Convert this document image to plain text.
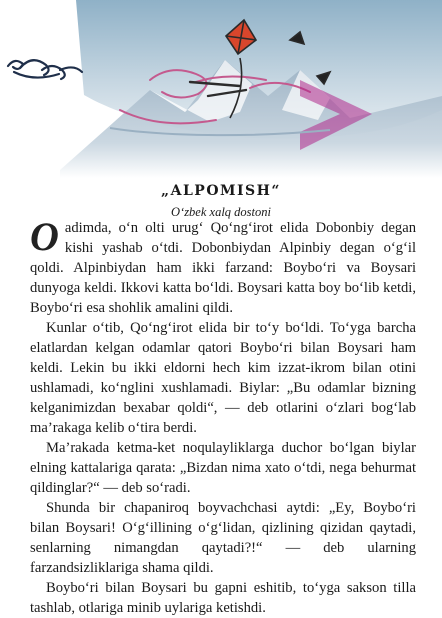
„ALPOMISH“
O‘zbek xalq dostoni

O adimda, o‘n olti urug‘ Qo‘ng‘irot elida Dobonbiy degan kishi yashab o‘tdi. Dobonbiydan Alpinbiy degan o‘g‘il qoldi. Alpinbiydan ham ikki farzand: Boybo‘ri va Boysari dunyoga keldi. Ikkovi katta bo‘ldi. Boysari katta boy bo‘lib ketdi, Boybo‘ri esa shohlik amalini qildi.

Kunlar o‘tib, Qo‘ng‘irot elida bir to‘y bo‘ldi. To‘yga barcha elatlardan kelgan odamlar qatori Boybo‘ri bilan Boysari ham keldi. Lekin bu ikki eldorni hech kim izzat-ikrom bilan otini ushlamadi, ko‘nglini xushlamadi. Biylar: „Bu odamlar bizning kelganimizdan bexabar qoldi“, — deb otlarini o‘zlari bog‘lab ma’rakaga kelib o‘tira berdi.

Ma’rakada ketma-ket noqulayliklarga duchor bo‘lgan biylar elning kattalariga qarata: „Bizdan nima xato o‘tdi, nega behurmat qildinglar?“ — deb so‘radi.

Shunda bir chapaniroq boyvachchasi aytdi: „Ey, Boybo‘ri bilan Boysari! O‘g‘illining o‘g‘lidan, qizlining qizidan qaytadi, senlarning nimangdan qaytadi?!“ — deb ularning farzandsizliklariga shama qildi.

Boybo‘ri bilan Boysari bu gapni eshitib, to‘yga sakson tilla tashlab, otlariga minib uylariga ketishdi.
